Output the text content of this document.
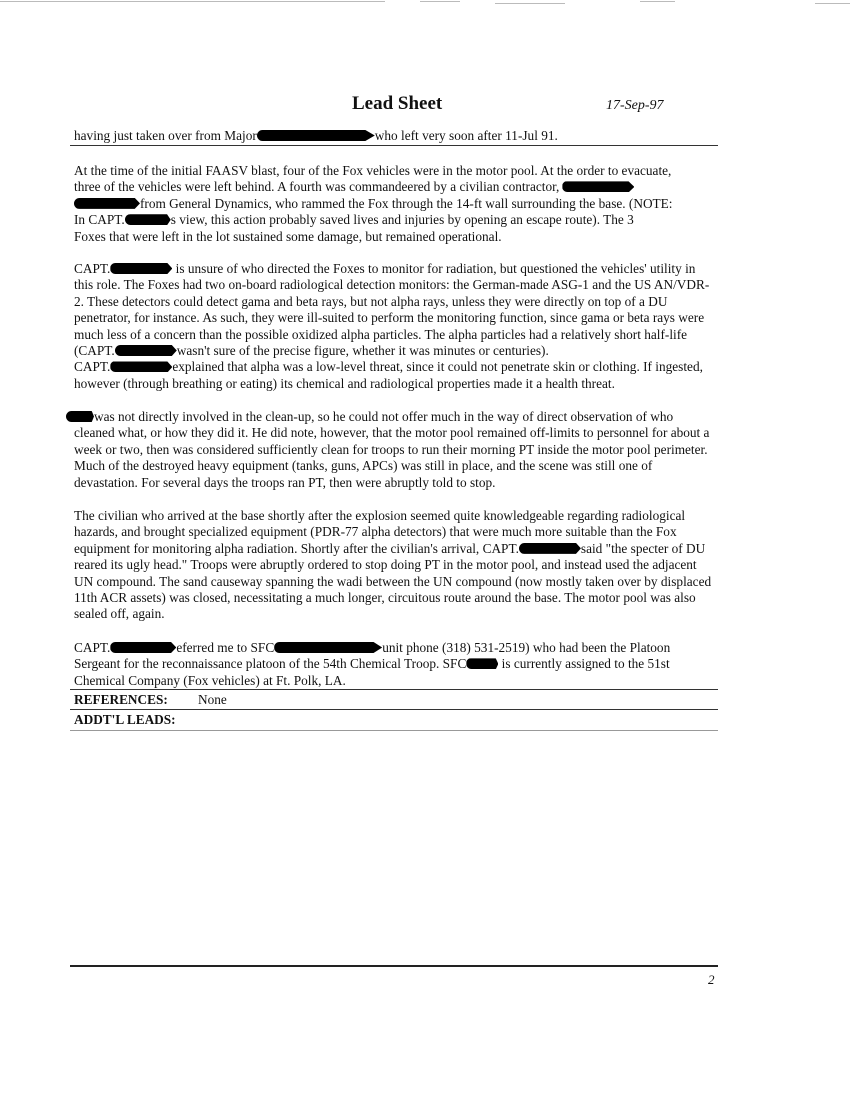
Lead Sheet	17-Sep-97
having just taken over from Major	who left very soon after 11-Jul 91.
At the time of the initial FAASV blast, four of the Fox vehicles were in the motor pool. At the order to evacuate,
three of the vehicles were left behind. A fourth was commandeered by a civilian contractor,
from General Dynamics, who rammed the Fox through the 14-ft wall surrounding the base. (NOTE:
In CAPT.	s view, this action probably saved lives and injuries by opening an escape route). The 3
Foxes that were left in the lot sustained some damage, but remained operational.
CAPT.	is unsure of who directed the Foxes to monitor for radiation, but questioned the vehicles' utility in this role. The Foxes had two on-board radiological detection monitors: the German-made ASG-1 and the US AN/VDR-2. These detectors could detect gama and beta rays, but not alpha rays, unless they were directly on top of a DU penetrator, for instance. As such, they were ill-suited to perform the monitoring function, since gama or beta rays were much less of a concern than the possible oxidized alpha particles. The alpha particles had a relatively short half-life (CAPT.	wasn't sure of the precise figure, whether it was minutes or centuries).
CAPT.	explained that alpha was a low-level threat, since it could not penetrate skin or clothing. If ingested, however (through breathing or eating) its chemical and radiological properties made it a health threat.
was not directly involved in the clean-up, so he could not offer much in the way of direct observation of who cleaned what, or how they did it. He did note, however, that the motor pool remained off-limits to personnel for about a week or two, then was considered sufficiently clean for troops to run their morning PT inside the motor pool perimeter. Much of the destroyed heavy equipment (tanks, guns, APCs) was still in place, and the scene was still one of devastation. For several days the troops ran PT, then were abruptly told to stop.
The civilian who arrived at the base shortly after the explosion seemed quite knowledgeable regarding radiological hazards, and brought specialized equipment (PDR-77 alpha detectors) that were much more suitable than the Fox equipment for monitoring alpha radiation. Shortly after the civilian's arrival, CAPT.	said "the specter of DU reared its ugly head." Troops were abruptly ordered to stop doing PT in the motor pool, and instead used the adjacent UN compound. The sand causeway spanning the wadi between the UN compound (now mostly taken over by displaced 11th ACR assets) was closed, necessitating a much longer, circuitous route around the base. The motor pool was also sealed off, again.
CAPT.	eferred me to SFC	unit phone (318) 531-2519) who had been the Platoon Sergeant for the reconnaissance platoon of the 54th Chemical Troop. SFC is currently assigned to the 51st Chemical Company (Fox vehicles) at Ft. Polk, LA.
REFERENCES: None
ADDT'L LEADS:
2
